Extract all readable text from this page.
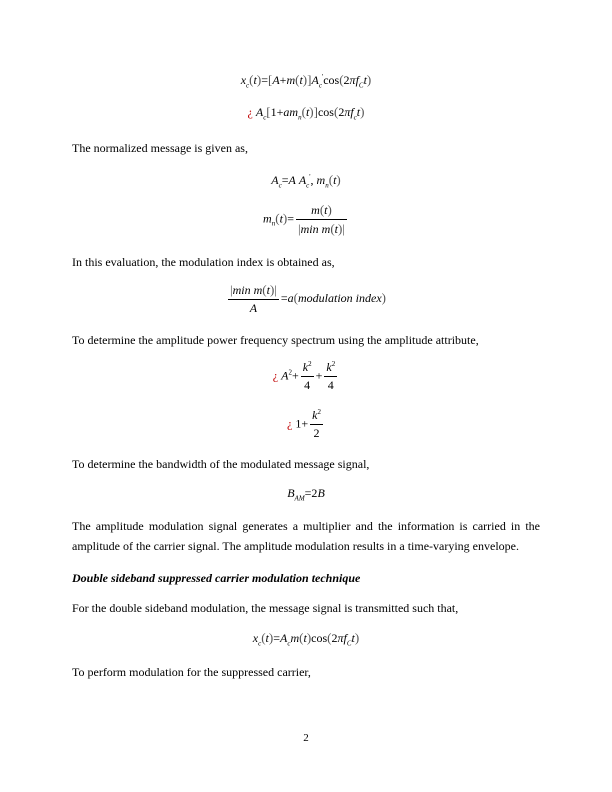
$x_c(t)=[A+m(t)]A_c'\cos(2\pi f_Ct)$
¿ $A_c[1+am_n(t)]\cos(2\pi f_ct)$

The normalized message is given as,

$A_c=A$ $A_c'$, $m_n(t)$
$m_n(t)= \frac{m(t)}{\text{|min m(t)|}}$

In this evaluation, the modulation index is obtained as,

$\frac{\text{|min m(t)|}}{A}$ =a(modulation index)

To determine the amplitude power frequency spectrum using the amplitude attribute,

¿ $A^2+ \frac{k^2}{4} + \frac{k^2}{4}$
¿ $1+ \frac{k^2}{2}$

To determine the bandwidth of the modulated message signal,

$B_{AM}=2B$

The amplitude modulation signal generates a multiplier and the information is carried in the amplitude of the carrier signal. The amplitude modulation results in a time-varying envelope.

Double sideband suppressed carrier modulation technique

For the double sideband modulation, the message signal is transmitted such that,

$x_c(t)=A_cm(t)\cos(2\pi f_Ct)$

To perform modulation for the suppressed carrier,

2
